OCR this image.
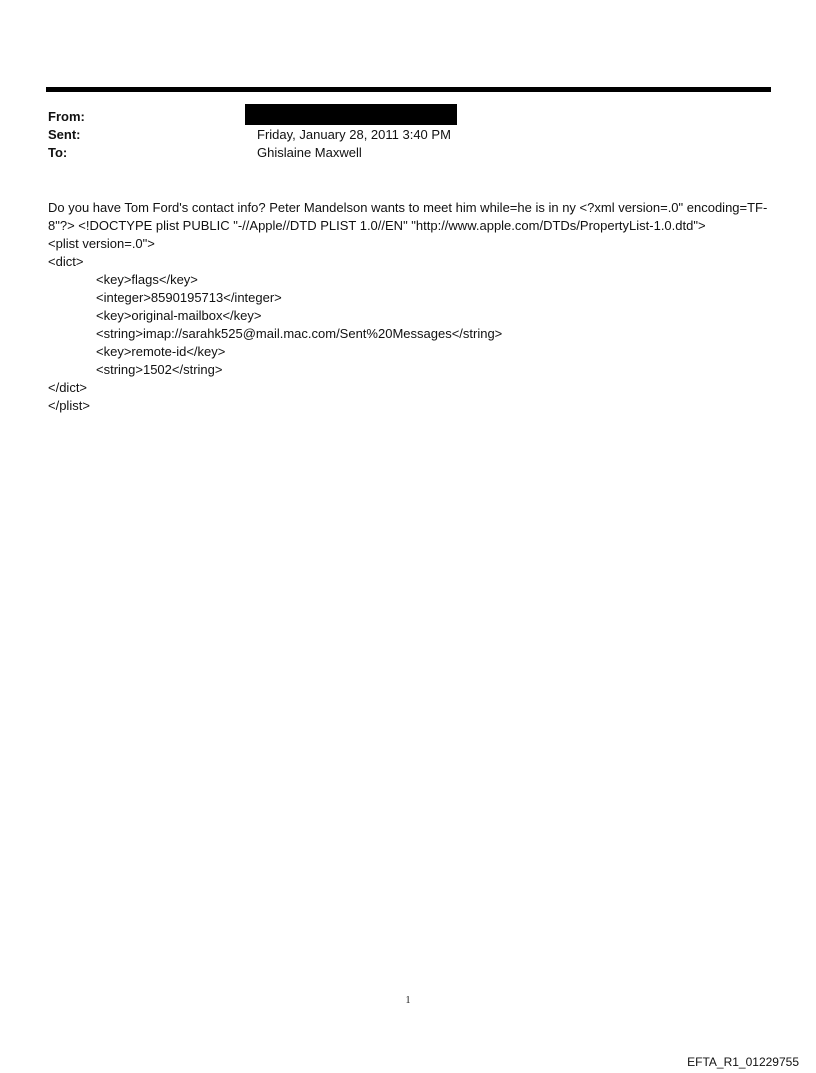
From:
Sent:	Friday, January 28, 2011 3:40 PM
To:	Ghislaine Maxwell

Do you have Tom Ford's contact info? Peter Mandelson wants to meet him while=he is in ny <?xml version=.0" encoding=TF-8"?> <!DOCTYPE plist PUBLIC "-//Apple//DTD PLIST 1.0//EN" "http://www.apple.com/DTDs/PropertyList-1.0.dtd">

<plist version=.0">

<dict>

<key>flags</key>

<integer>8590195713</integer>

<key>original-mailbox</key>

<string>imap://sarahk525@mail.mac.com/Sent%20Messages</string>

<key>remote-id</key>

<string>1502</string>

</dict>

</plist>

1
EFTA_R1_01229755
